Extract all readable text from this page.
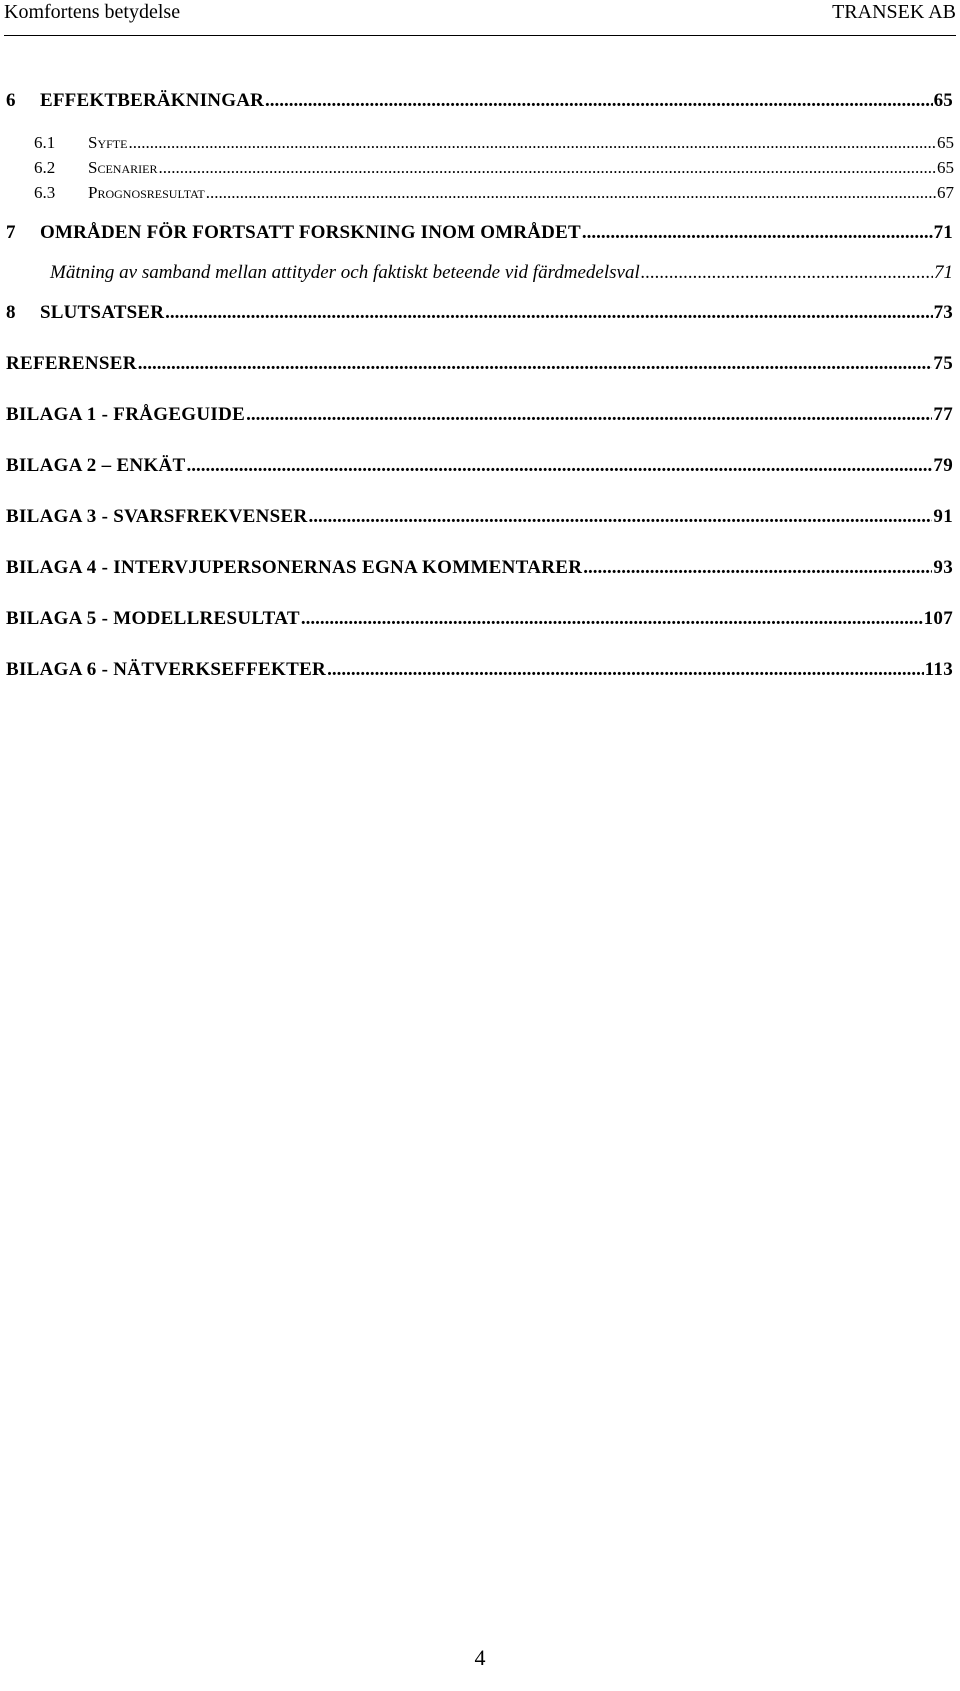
Komfortens betydelse	TRANSEK AB
6	EFFEKTBERÄKNINGAR .....	65
6.1	Syfte .....	65
6.2	Scenarier .....	65
6.3	Prognosresultat .....	67
7	OMRÅDEN FÖR FORTSATT FORSKNING INOM OMRÅDET .....	71
Mätning av samband mellan attityder och faktiskt beteende vid färdmedelsval .....	71
8	SLUTSATSER .....	73
REFERENSER .....	75
BILAGA 1 - FRÅGEGUIDE .....	77
BILAGA 2 – ENKÄT .....	79
BILAGA 3 - SVARSFREKVENSER .....	91
BILAGA 4 - INTERVJUPERSONERNAS EGNA KOMMENTARER .....	93
BILAGA 5 - MODELLRESULTAT .....	107
BILAGA 6 - NÄTVERKSEFFEKTER .....	113
4
